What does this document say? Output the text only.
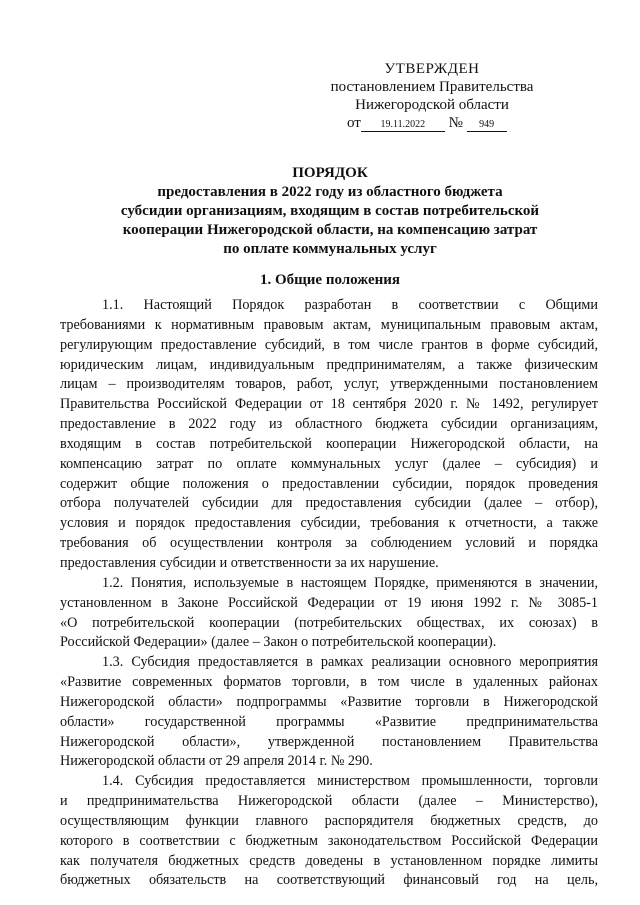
УТВЕРЖДЕН
постановлением Правительства
Нижегородской области
от 19.11.2022 № 949
ПОРЯДОК
предоставления в 2022 году из областного бюджета
субсидии организациям, входящим в состав потребительской
кооперации Нижегородской области, на компенсацию затрат
по оплате коммунальных услуг
1. Общие положения
1.1. Настоящий Порядок разработан в соответствии с Общими
требованиями к нормативным правовым актам, муниципальным правовым актам,
регулирующим предоставление субсидий, в том числе грантов в форме субсидий,
юридическим лицам, индивидуальным предпринимателям, а также физическим
лицам – производителям товаров, работ, услуг, утвержденными постановлением
Правительства Российской Федерации от 18 сентября 2020 г. № 1492, регулирует
предоставление в 2022 году из областного бюджета субсидии организациям,
входящим в состав потребительской кооперации Нижегородской области, на
компенсацию затрат по оплате коммунальных услуг (далее – субсидия) и
содержит общие положения о предоставлении субсидии, порядок проведения
отбора получателей субсидии для предоставления субсидии (далее – отбор),
условия и порядок предоставления субсидии, требования к отчетности, а также
требования об осуществлении контроля за соблюдением условий и порядка
предоставления субсидии и ответственности за их нарушение.
1.2. Понятия, используемые в настоящем Порядке, применяются в значении,
установленном в Законе Российской Федерации от 19 июня 1992 г. № 3085-1
«О потребительской кооперации (потребительских обществах, их союзах) в
Российской Федерации» (далее – Закон о потребительской кооперации).
1.3. Субсидия предоставляется в рамках реализации основного мероприятия
«Развитие современных форматов торговли, в том числе в удаленных районах
Нижегородской области» подпрограммы «Развитие торговли в Нижегородской
области» государственной программы «Развитие предпринимательства
Нижегородской области», утвержденной постановлением Правительства
Нижегородской области от 29 апреля 2014 г. № 290.
1.4. Субсидия предоставляется министерством промышленности, торговли
и предпринимательства Нижегородской области (далее – Министерство),
осуществляющим функции главного распорядителя бюджетных средств, до
которого в соответствии с бюджетным законодательством Российской Федерации
как получателя бюджетных средств доведены в установленном порядке лимиты
бюджетных обязательств на соответствующий финансовый год на цель,
